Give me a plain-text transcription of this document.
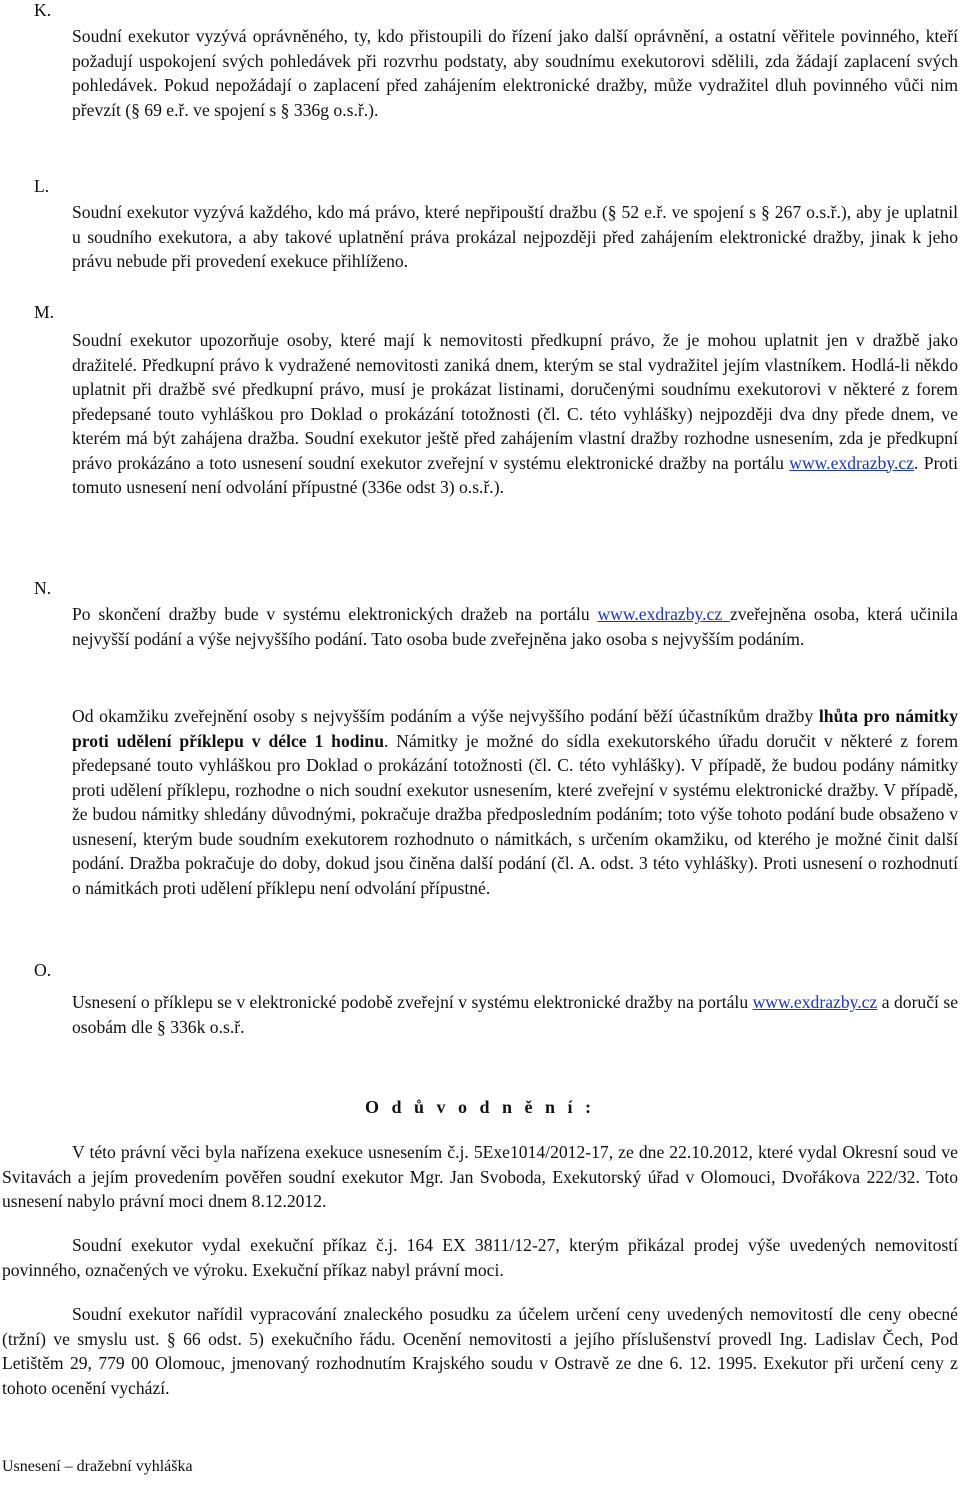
K.
Soudní exekutor vyzývá oprávněného, ty, kdo přistoupili do řízení jako další oprávnění, a ostatní věřitele povinného, kteří požadují uspokojení svých pohledávek při rozvrhu podstaty, aby soudnímu exekutorovi sdělili, zda žádají zaplacení svých pohledávek. Pokud nepožádají o zaplacení před zahájením elektronické dražby, může vydražitel dluh povinného vůči nim převzít (§ 69 e.ř. ve spojení s § 336g o.s.ř.).
L.
Soudní exekutor vyzývá každého, kdo má právo, které nepřipouští dražbu (§ 52 e.ř. ve spojení s § 267 o.s.ř.), aby je uplatnil u soudního exekutora, a aby takové uplatnění práva prokázal nejpozději před zahájením elektronické dražby, jinak k jeho právu nebude při provedení exekuce přihlíženo.
M.
Soudní exekutor upozorňuje osoby, které mají k nemovitosti předkupní právo, že je mohou uplatnit jen v dražbě jako dražitelé. Předkupní právo k vydražené nemovitosti zaniká dnem, kterým se stal vydražitel jejím vlastníkem. Hodlá-li někdo uplatnit při dražbě své předkupní právo, musí je prokázat listinami, doručenými soudnímu exekutorovi v některé z forem předepsané touto vyhláškou pro Doklad o prokázání totožnosti (čl. C. této vyhlášky) nejpozději dva dny přede dnem, ve kterém má být zahájena dražba. Soudní exekutor ještě před zahájením vlastní dražby rozhodne usnesením, zda je předkupní právo prokázáno a toto usnesení soudní exekutor zveřejní v systému elektronické dražby na portálu www.exdrazby.cz. Proti tomuto usnesení není odvolání přípustné (336e odst 3) o.s.ř.).
N.
Po skončení dražby bude v systému elektronických dražeb na portálu www.exdrazby.cz zveřejněna osoba, která učinila nejvyšší podání a výše nejvyššího podání. Tato osoba bude zveřejněna jako osoba s nejvyšším podáním.
Od okamžiku zveřejnění osoby s nejvyšším podáním a výše nejvyššího podání běží účastníkům dražby lhůta pro námitky proti udělení příklepu v délce 1 hodinu. Námitky je možné do sídla exekutorského úřadu doručit v některé z forem předepsané touto vyhláškou pro Doklad o prokázání totožnosti (čl. C. této vyhlášky). V případě, že budou podány námitky proti udělení příklepu, rozhodne o nich soudní exekutor usnesením, které zveřejní v systému elektronické dražby. V případě, že budou námitky shledány důvodnými, pokračuje dražba předposledním podáním; toto výše tohoto podání bude obsaženo v usnesení, kterým bude soudním exekutorem rozhodnuto o námitkách, s určením okamžiku, od kterého je možné činit další podání. Dražba pokračuje do doby, dokud jsou činěna další podání (čl. A. odst. 3 této vyhlášky). Proti usnesení o rozhodnutí o námitkách proti udělení příklepu není odvolání přípustné.
O.
Usnesení o příklepu se v elektronické podobě zveřejní v systému elektronické dražby na portálu www.exdrazby.cz a doručí se osobám dle § 336k o.s.ř.
O d ů v o d n ě n í :
V této právní věci byla nařízena exekuce usnesením č.j. 5Exe1014/2012-17, ze dne 22.10.2012, které vydal Okresní soud ve Svitavách a jejím provedením pověřen soudní exekutor Mgr. Jan Svoboda, Exekutorský úřad v Olomouci, Dvořákova 222/32. Toto usnesení nabylo právní moci dnem 8.12.2012.
Soudní exekutor vydal exekuční příkaz č.j. 164 EX 3811/12-27, kterým přikázal prodej výše uvedených nemovitostí povinného, označených ve výroku. Exekuční příkaz nabyl právní moci.
Soudní exekutor nařídil vypracování znaleckého posudku za účelem určení ceny uvedených nemovitostí dle ceny obecné (tržní) ve smyslu ust. § 66 odst. 5) exekučního řádu. Ocenění nemovitosti a jejího příslušenství provedl Ing. Ladislav Čech, Pod Letištěm 29, 779 00 Olomouc, jmenovaný rozhodnutím Krajského soudu v Ostravě ze dne 6. 12. 1995. Exekutor při určení ceny z tohoto ocenění vychází.
Usnesení – dražební vyhláška
